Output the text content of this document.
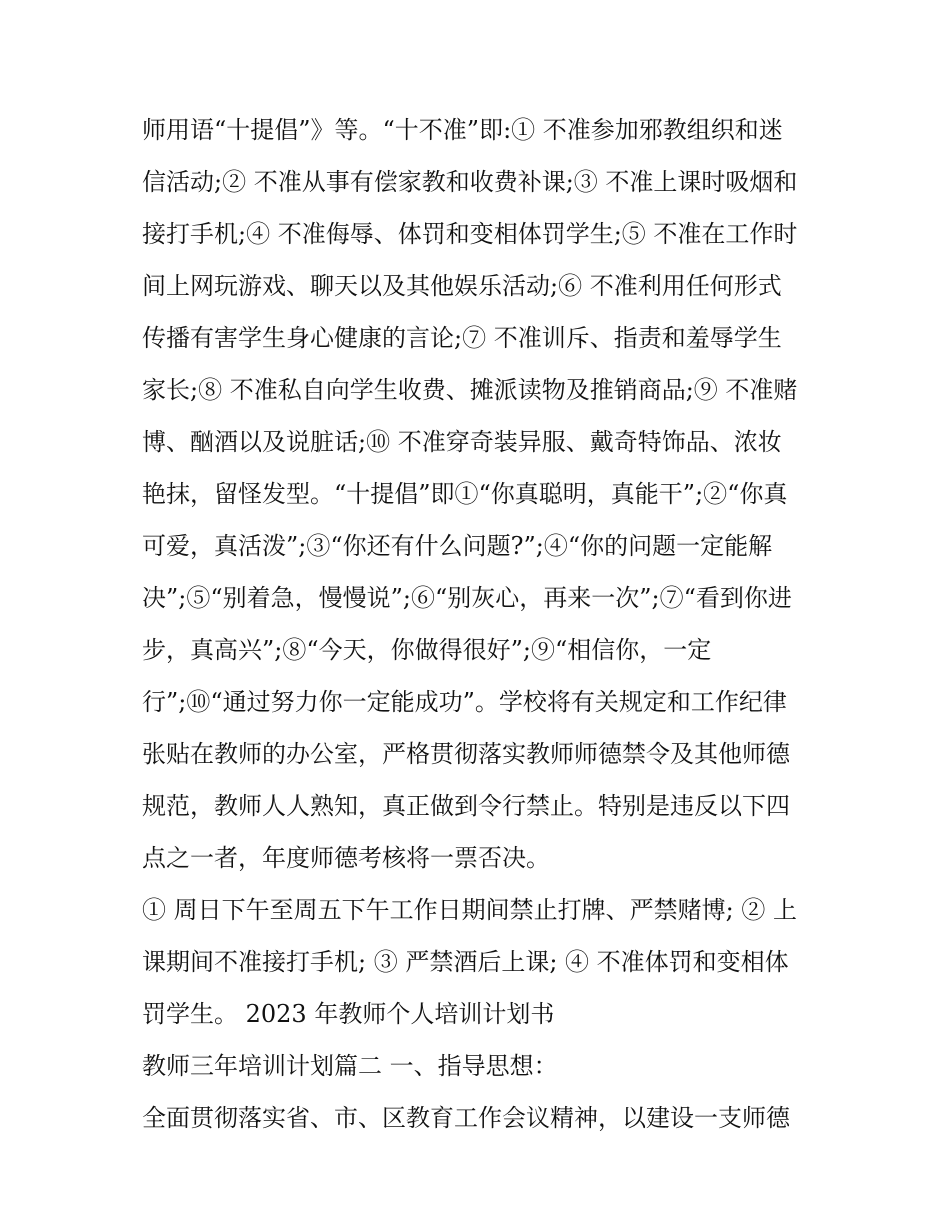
师用语“十提倡”》等。“十不准”即:① 不准参加邪教组织和迷
信活动;② 不准从事有偿家教和收费补课;③ 不准上课时吸烟和
接打手机;④ 不准侮辱、体罚和变相体罚学生;⑤ 不准在工作时
间上网玩游戏、聊天以及其他娱乐活动;⑥ 不准利用任何形式
传播有害学生身心健康的言论;⑦ 不准训斥、指责和羞辱学生
家长;⑧ 不准私自向学生收费、摊派读物及推销商品;⑨ 不准赌
博、酗酒以及说脏话;⑩ 不准穿奇装异服、戴奇特饰品、浓妆
艳抹，留怪发型。“十提倡”即①“你真聪明，真能干”;②“你真
可爱，真活泼”;③“你还有什么问题?”;④“你的问题一定能解
决”;⑤“别着急，慢慢说”;⑥“别灰心，再来一次”;⑦“看到你进
步，真高兴”;⑧“今天，你做得很好”;⑨“相信你，一定
行”;⑩“通过努力你一定能成功”。学校将有关规定和工作纪律
张贴在教师的办公室，严格贯彻落实教师师德禁令及其他师德
规范，教师人人熟知，真正做到令行禁止。特别是违反以下四
点之一者，年度师德考核将一票否决。
① 周日下午至周五下午工作日期间禁止打牌、严禁赌博; ② 上
课期间不准接打手机; ③ 严禁酒后上课; ④ 不准体罚和变相体
罚学生。 2023 年教师个人培训计划书
教师三年培训计划篇二 一、指导思想：
全面贯彻落实省、市、区教育工作会议精神，以建设一支师德
